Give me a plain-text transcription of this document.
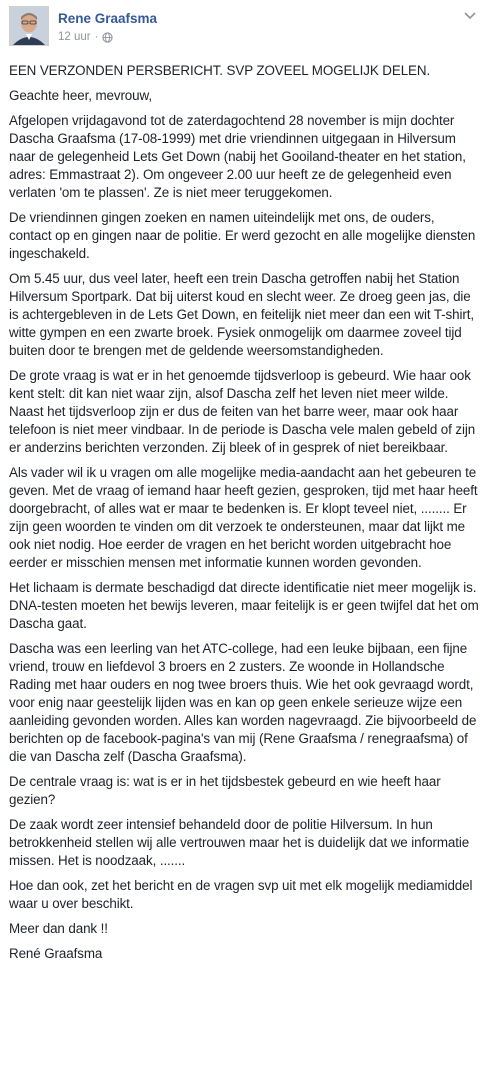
Rene Graafsma
12 uur ·

EEN VERZONDEN PERSBERICHT. SVP ZOVEEL MOGELIJK DELEN.

Geachte heer, mevrouw,

Afgelopen vrijdagavond tot de zaterdagochtend 28 november is mijn dochter Dascha Graafsma (17-08-1999) met drie vriendinnen uitgegaan in Hilversum naar de gelegenheid Lets Get Down (nabij het Gooiland-theater en het station, adres: Emmastraat 2). Om ongeveer 2.00 uur heeft ze de gelegenheid even verlaten 'om te plassen'. Ze is niet meer teruggekomen.

De vriendinnen gingen zoeken en namen uiteindelijk met ons, de ouders, contact op en gingen naar de politie. Er werd gezocht en alle mogelijke diensten ingeschakeld.

Om 5.45 uur, dus veel later, heeft een trein Dascha getroffen nabij het Station Hilversum Sportpark. Dat bij uiterst koud en slecht weer. Ze droeg geen jas, die is achtergebleven in de Lets Get Down, en feitelijk niet meer dan een wit T-shirt, witte gympen en een zwarte broek. Fysiek onmogelijk om daarmee zoveel tijd buiten door te brengen met de geldende weersomstandigheden.

De grote vraag is wat er in het genoemde tijdsverloop is gebeurd. Wie haar ook kent stelt: dit kan niet waar zijn, alsof Dascha zelf het leven niet meer wilde. Naast het tijdsverloop zijn er dus de feiten van het barre weer, maar ook haar telefoon is niet meer vindbaar. In de periode is Dascha vele malen gebeld of zijn er anderzins berichten verzonden. Zij bleek of in gesprek of niet bereikbaar.

Als vader wil ik u vragen om alle mogelijke media-aandacht aan het gebeuren te geven. Met de vraag of iemand haar heeft gezien, gesproken, tijd met haar heeft doorgebracht, of alles wat er maar te bedenken is. Er klopt teveel niet, ........ Er zijn geen woorden te vinden om dit verzoek te ondersteunen, maar dat lijkt me ook niet nodig. Hoe eerder de vragen en het bericht worden uitgebracht hoe eerder er misschien mensen met informatie kunnen worden gevonden.

Het lichaam is dermate beschadigd dat directe identificatie niet meer mogelijk is. DNA-testen moeten het bewijs leveren, maar feitelijk is er geen twijfel dat het om Dascha gaat.

Dascha was een leerling van het ATC-college, had een leuke bijbaan, een fijne vriend, trouw en liefdevol 3 broers en 2 zusters. Ze woonde in Hollandsche Rading met haar ouders en nog twee broers thuis. Wie het ook gevraagd wordt, voor enig naar geestelijk lijden was en kan op geen enkele serieuze wijze een aanleiding gevonden worden. Alles kan worden nagevraagd. Zie bijvoorbeeld de berichten op de facebook-pagina's van mij (Rene Graafsma / renegraafsma) of die van Dascha zelf (Dascha Graafsma).

De centrale vraag is: wat is er in het tijdsbestek gebeurd en wie heeft haar gezien?

De zaak wordt zeer intensief behandeld door de politie Hilversum. In hun betrokkenheid stellen wij alle vertrouwen maar het is duidelijk dat we informatie missen. Het is noodzaak, .......

Hoe dan ook, zet het bericht en de vragen svp uit met elk mogelijk mediamiddel waar u over beschikt.

Meer dan dank !!

René Graafsma
